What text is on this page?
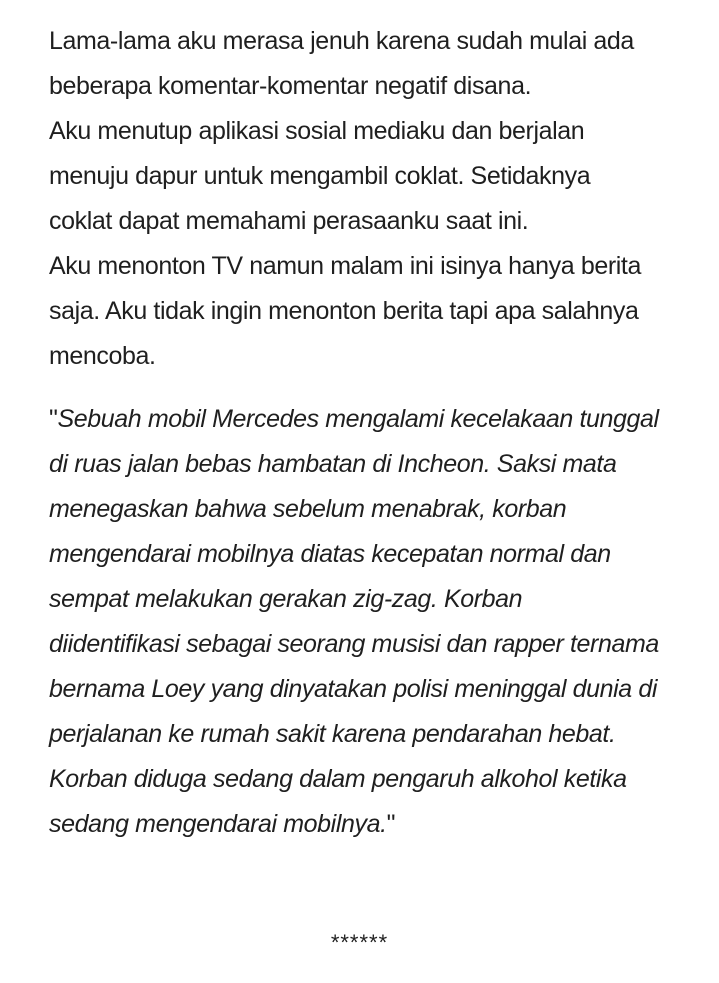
Lama-lama aku merasa jenuh karena sudah mulai ada beberapa komentar-komentar negatif disana.

Aku menutup aplikasi sosial mediaku dan berjalan menuju dapur untuk mengambil coklat. Setidaknya coklat dapat memahami perasaanku saat ini.

Aku menonton TV namun malam ini isinya hanya berita saja. Aku tidak ingin menonton berita tapi apa salahnya mencoba.

"Sebuah mobil Mercedes mengalami kecelakaan tunggal di ruas jalan bebas hambatan di Incheon. Saksi mata menegaskan bahwa sebelum menabrak, korban mengendarai mobilnya diatas kecepatan normal dan sempat melakukan gerakan zig-zag. Korban diidentifikasi sebagai seorang musisi dan rapper ternama bernama Loey yang dinyatakan polisi meninggal dunia di perjalanan ke rumah sakit karena pendarahan hebat. Korban diduga sedang dalam pengaruh alkohol ketika sedang mengendarai mobilnya."

******
